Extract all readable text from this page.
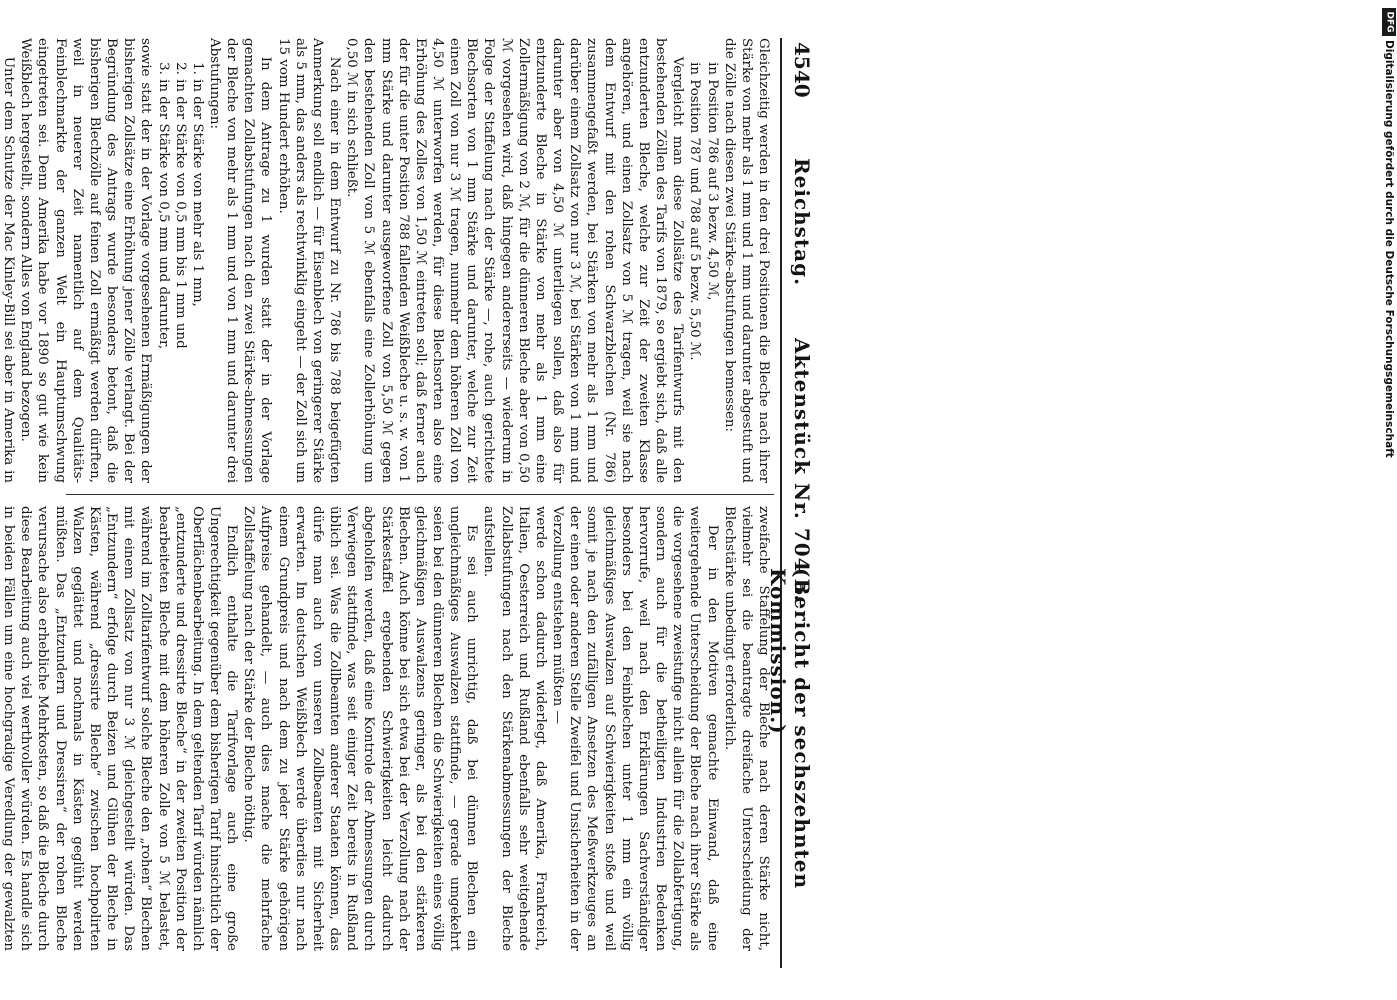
4540
Reichstag.
Aktenstück Nr. 704 a.
(Bericht der sechszehnten Kommission.)

Gleichzeitig werden in den drei Positionen die Bleche nach ihrer Stärke von mehr als 1 mm und 1 mm und darunter abgestuft und die Zölle nach diesen zwei Stärke-abstufungen bemessen:

in Position 786 auf 3 bezw. 4,50 ℳ,

in Position 787 und 788 auf 5 bezw. 5,50 ℳ.

Vergleicht man diese Zollsätze des Tarifentwurfs mit den bestehenden Zöllen des Tarifs von 1879, so ergiebt sich, daß alle entzunderten Bleche, welche zur Zeit der zweiten Klasse angehören, und einen Zollsatz von 5 ℳ tragen, weil sie nach dem Entwurf mit den rohen Schwarzblechen (Nr. 786) zusammengefaßt werden, bei Stärken von mehr als 1 mm und darüber einem Zollsatz von nur 3 ℳ, bei Stärken von 1 mm und darunter aber von 4,50 ℳ unterliegen sollen, daß also für entzunderte Bleche in Stärke von mehr als 1 mm eine Zollermäßigung von 2 ℳ, für die dünneren Bleche aber von 0,50 ℳ vorgesehen wird, daß hingegen andererseits — wiederum in Folge der Staffelung nach der Stärke —, rohe, auch gerichtete Blechsorten von 1 mm Stärke und darunter, welche zur Zeit einen Zoll von nur 3 ℳ tragen, nunmehr dem höheren Zoll von 4,50 ℳ unterworfen werden, für diese Blechsorten also eine Erhöhung des Zolles von 1,50 ℳ eintreten soll; daß ferner auch der für die unter Position 788 fallenden Weißbleche u. s. w. von 1 mm Stärke und darunter ausgeworfene Zoll von 5,50 ℳ gegen den bestehenden Zoll von 5 ℳ ebenfalls eine Zollerhöhung um 0,50 ℳ in sich schließt.

Nach einer in dem Entwurf zu Nr. 786 bis 788 beigefügten Anmerkung soll endlich — für Eisenblech von geringerer Stärke als 5 mm, das anders als rechtwinklig eingeht — der Zoll sich um 15 vom Hundert erhöhen.

In dem Antrage zu 1 wurden statt der in der Vorlage gemachten Zollabstufungen nach den zwei Stärke-abmessungen der Bleche von mehr als 1 mm und von 1 mm und darunter drei Abstufungen:

1. in der Stärke von mehr als 1 mm,

2. in der Stärke von 0,5 mm bis 1 mm und

3. in der Stärke von 0,5 mm und darunter,

sowie statt der in der Vorlage vorgesehenen Ermäßigungen der bisherigen Zollsätze eine Erhöhung jener Zölle verlangt. Bei der Begründung des Antrags wurde besonders betont, daß die bisherigen Blechzölle auf feinen Zoll ermäßigt werden dürften, weil in neuerer Zeit namentlich auf dem Qualitäts-Feinblechmarkte der ganzen Welt ein Hauptumschwung eingetreten sei. Denn Amerika habe vor 1890 so gut wie kein Weißblech hergestellt, sondern Alles von England bezogen.

Unter dem Schutze der Mac Kinley-Bill sei aber in Amerika in

zweifache Staffelung der Bleche nach deren Stärke nicht, vielmehr sei die beantragte dreifache Unterscheidung der Blechstärke unbedingt erforderlich.

Der in den Motiven gemachte Einwand, daß eine weitergehende Unterscheidung der Bleche nach ihrer Stärke als die vorgesehene zweistufige nicht allein für die Zollabfertigung, sondern auch für die betheiligten Industrien Bedenken hervorrufe, weil nach den Erklärungen Sachverständiger besonders bei den Feinblechen unter 1 mm ein völlig gleichmäßiges Auswalzen auf Schwierigkeiten stoße und weil somit je nach den zufälligen Ansetzen des Meßwerkzeuges an der einen oder anderen Stelle Zweifel und Unsicherheiten in der Verzollung entstehen müßten —

werde schon dadurch widerlegt, daß Amerika, Frankreich, Italien, Oesterreich und Rußland ebenfalls sehr weitgehende Zollabstufungen nach den Stärkenabmessungen der Bleche aufstellen.

Es sei auch unrichtig, daß bei dünnen Blechen ein ungleichmäßiges Auswalzen stattfinde, — gerade umgekehrt seien bei den dünneren Blechen die Schwierigkeiten eines völlig gleichmäßigen Auswalzens geringer, als bei den stärkeren Blechen. Auch könne bei sich etwa bei der Verzollung nach der Stärkestaffel ergebenden Schwierigkeiten leicht dadurch abgeholfen werden, daß eine Kontrole der Abmessungen durch Verwiegen stattfinde, was seit einiger Zeit bereits in Rußland üblich sei. Was die Zollbeamten anderer Staaten können, das dürfe man auch von unseren Zollbeamten mit Sicherheit erwarten. Im deutschen Weißblech werde überdies nur nach einem Grundpreis und nach dem zu jeder Stärke gehörigen Aufpreise gehandelt, — auch dies mache die mehrfache Zollstaffelung nach der Stärke der Bleche nöthig.

Endlich enthalte die Tarifvorlage auch eine große Ungerechtigkeit gegenüber dem bisherigen Tarif hinsichtlich der Oberflächenbearbeitung. In dem geltenden Tarif würden nämlich „entzunderte und dressirte Bleche“ in der zweiten Position der bearbeiteten Bleche mit dem höheren Zolle von 5 ℳ belastet, während im Zolltarifentwurf solche Bleche den „rohen“ Blechen mit einem Zollsatz von nur 3 ℳ gleichgestellt würden. Das „Entzundern“ erfolge durch Beizen und Glühen der Bleche in Kästen, während „dressirte Bleche“ zwischen hochpolirten Walzen geglättet und nochmals in Kästen geglüht werden müßten. Das „Entzundern und Dressiren“ der rohen Bleche verursache also erhebliche Mehrkosten, so daß die Bleche durch diese Bearbeitung auch viel werthvoller würden. Es handle sich in beiden Fällen um eine hochgradige Veredlung der gewalzten

DFG
Digitalisierung gefördert durch die Deutsche Forschungsgemeinschaft
